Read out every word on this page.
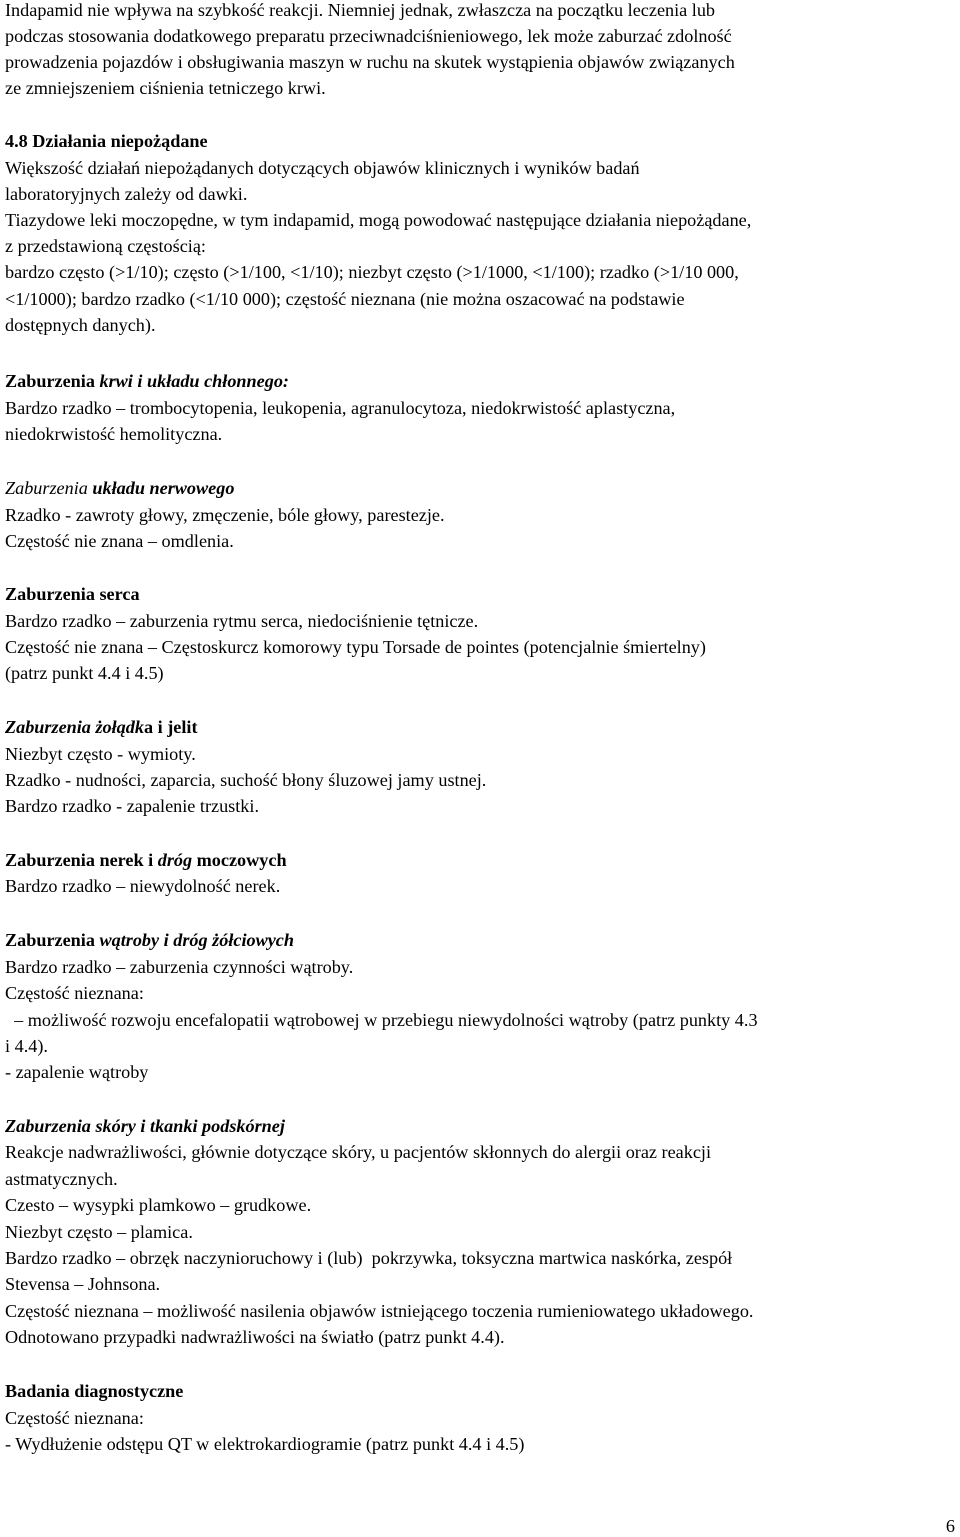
Indapamid nie wpływa na szybkość reakcji. Niemniej jednak, zwłaszcza na początku leczenia lub
podczas stosowania dodatkowego preparatu przeciwnadciśnieniowego, lek może zaburzać zdolność
prowadzenia pojazdów i obsługiwania maszyn w ruchu na skutek wystąpienia objawów związanych
ze zmniejszeniem ciśnienia tetniczego krwi.
4.8 Działania niepożądane
Większość działań niepożądanych dotyczących objawów klinicznych i wyników badań
laboratoryjnych zależy od dawki.
Tiazydowe leki moczopędne, w tym indapamid, mogą powodować następujące działania niepożądane,
z przedstawioną częstością:
bardzo często (>1/10); często (>1/100, <1/10); niezbyt często (>1/1000, <1/100); rzadko (>1/10 000,
<1/1000); bardzo rzadko (<1/10 000); częstość nieznana (nie można oszacować na podstawie
dostępnych danych).
Zaburzenia krwi i układu chłonnego:
Bardzo rzadko – trombocytopenia, leukopenia, agranulocytoza, niedokrwistość aplastyczna,
niedokrwistość hemolityczna.
Zaburzenia układu nerwowego
Rzadko - zawroty głowy, zmęczenie, bóle głowy, parestezje.
Częstość nie znana – omdlenia.
Zaburzenia serca
Bardzo rzadko – zaburzenia rytmu serca, niedociśnienie tętnicze.
Częstość nie znana – Częstoskurcz komorowy typu Torsade de pointes (potencjalnie śmiertelny)
(patrz punkt 4.4 i 4.5)
Zaburzenia żołądka i jelit
Niezbyt często - wymioty.
Rzadko - nudności, zaparcia, suchość błony śluzowej jamy ustnej.
Bardzo rzadko - zapalenie trzustki.
Zaburzenia nerek i dróg moczowych
Bardzo rzadko – niewydolność nerek.
Zaburzenia wątroby i dróg żółciowych
Bardzo rzadko – zaburzenia czynności wątroby.
Częstość nieznana:
– możliwość rozwoju encefalopatii wątrobowej w przebiegu niewydolności wątroby (patrz punkty 4.3
i 4.4).
- zapalenie wątroby
Zaburzenia skóry i tkanki podskórnej
Reakcje nadwrażliwości, głównie dotyczące skóry, u pacjentów skłonnych do alergii oraz reakcji
astmatycznych.
Czesto – wysypki plamkowo – grudkowe.
Niezbyt często – plamica.
Bardzo rzadko – obrzęk naczynioruchowy i (lub)  pokrzywka, toksyczna martwica naskórka, zespół
Stevensa – Johnsona.
Częstość nieznana – możliwość nasilenia objawów istniejącego toczenia rumieniowatego układowego.
Odnotowano przypadki nadwrażliwości na światło (patrz punkt 4.4).
Badania diagnostyczne
Częstość nieznana:
- Wydłużenie odstępu QT w elektrokardiogramie (patrz punkt 4.4 i 4.5)
6
